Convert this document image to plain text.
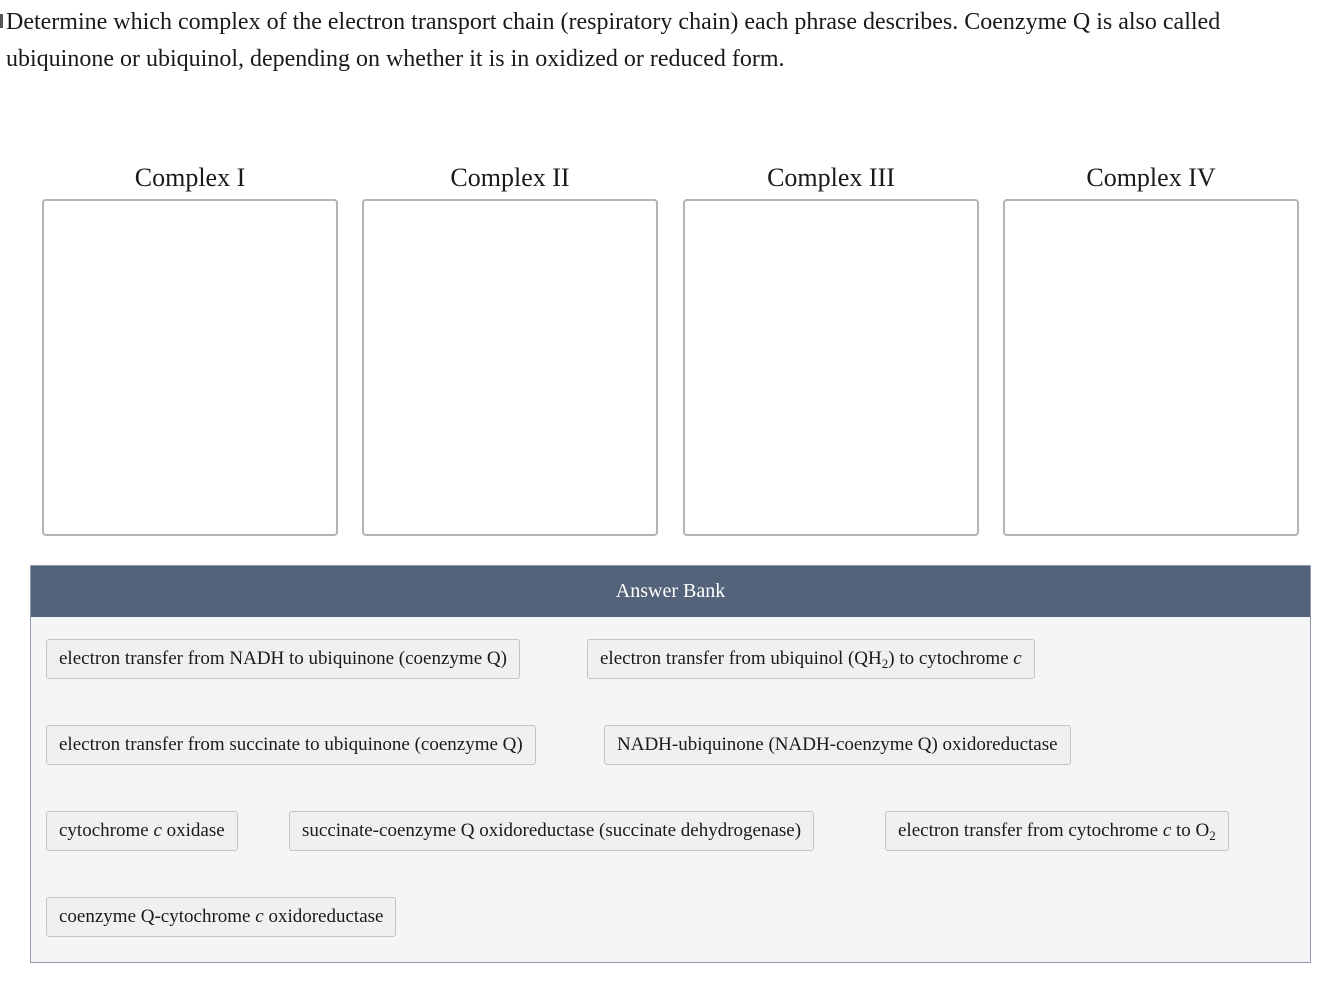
Determine which complex of the electron transport chain (respiratory chain) each phrase describes. Coenzyme Q is also called ubiquinone or ubiquinol, depending on whether it is in oxidized or reduced form.
Complex I	Complex II	Complex III	Complex IV
Answer Bank
electron transfer from NADH to ubiquinone (coenzyme Q)	electron transfer from ubiquinol $(QH_2)$ to cytochrome c
electron transfer from succinate to ubiquinone (coenzyme Q)	NADH-ubiquinone (NADH-coenzyme Q) oxidoreductase
cytochrome c oxidase	succinate-coenzyme Q oxidoreductase (succinate dehydrogenase)	electron transfer from cytochrome c to $O_2$
coenzyme Q-cytochrome c oxidoreductase
